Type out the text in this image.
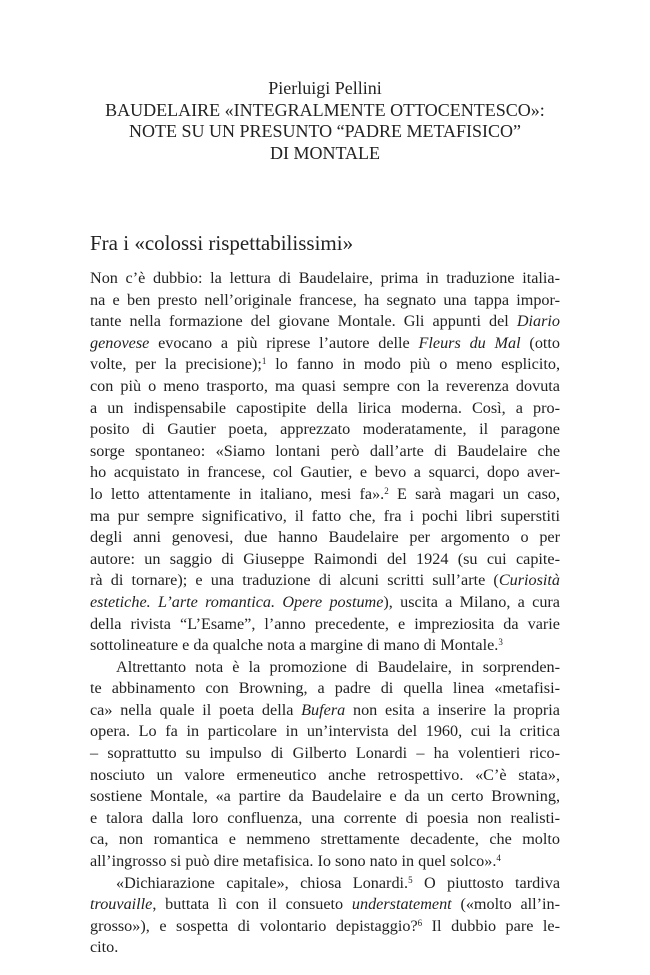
Pierluigi Pellini
BAUDELAIRE «INTEGRALMENTE OTTOCENTESCO»:
NOTE SU UN PRESUNTO “PADRE METAFISICO”
DI MONTALE
Fra i «colossi rispettabilissimi»
Non c’è dubbio: la lettura di Baudelaire, prima in traduzione italia-
na e ben presto nell’originale francese, ha segnato una tappa impor-
tante nella formazione del giovane Montale. Gli appunti del Diario
genovese evocano a più riprese l’autore delle Fleurs du Mal (otto
volte, per la precisione);$^1$ lo fanno in modo più o meno esplicito,
con più o meno trasporto, ma quasi sempre con la reverenza dovuta
a un indispensabile capostipite della lirica moderna. Così, a pro-
posito di Gautier poeta, apprezzato moderatamente, il paragone
sorge spontaneo: «Siamo lontani però dall’arte di Baudelaire che
ho acquistato in francese, col Gautier, e bevo a squarci, dopo aver-
lo letto attentamente in italiano, mesi fa».$^2$ E sarà magari un caso,
ma pur sempre significativo, il fatto che, fra i pochi libri superstiti
degli anni genovesi, due hanno Baudelaire per argomento o per
autore: un saggio di Giuseppe Raimondi del 1924 (su cui capite-
rà di tornare); e una traduzione di alcuni scritti sull’arte (Curiosità
estetiche. L’arte romantica. Opere postume), uscita a Milano, a cura
della rivista “L’Esame”, l’anno precedente, e impreziosita da varie
sottolineature e da qualche nota a margine di mano di Montale.$^3$
Altrettanto nota è la promozione di Baudelaire, in sorprenden-
te abbinamento con Browning, a padre di quella linea «metafisi-
ca» nella quale il poeta della Bufera non esita a inserire la propria
opera. Lo fa in particolare in un’intervista del 1960, cui la critica
– soprattutto su impulso di Gilberto Lonardi – ha volentieri rico-
nosciuto un valore ermeneutico anche retrospettivo. «C’è stata»,
sostiene Montale, «a partire da Baudelaire e da un certo Browning,
e talora dalla loro confluenza, una corrente di poesia non realisti-
ca, non romantica e nemmeno strettamente decadente, che molto
all’ingrosso si può dire metafisica. Io sono nato in quel solco».$^4$
«Dichiarazione capitale», chiosa Lonardi.$^5$ O piuttosto tardiva
trouvaille, buttata lì con il consueto understatement («molto all’in-
grosso»), e sospetta di volontario depistaggio?$^6$ Il dubbio pare le-
cito.
